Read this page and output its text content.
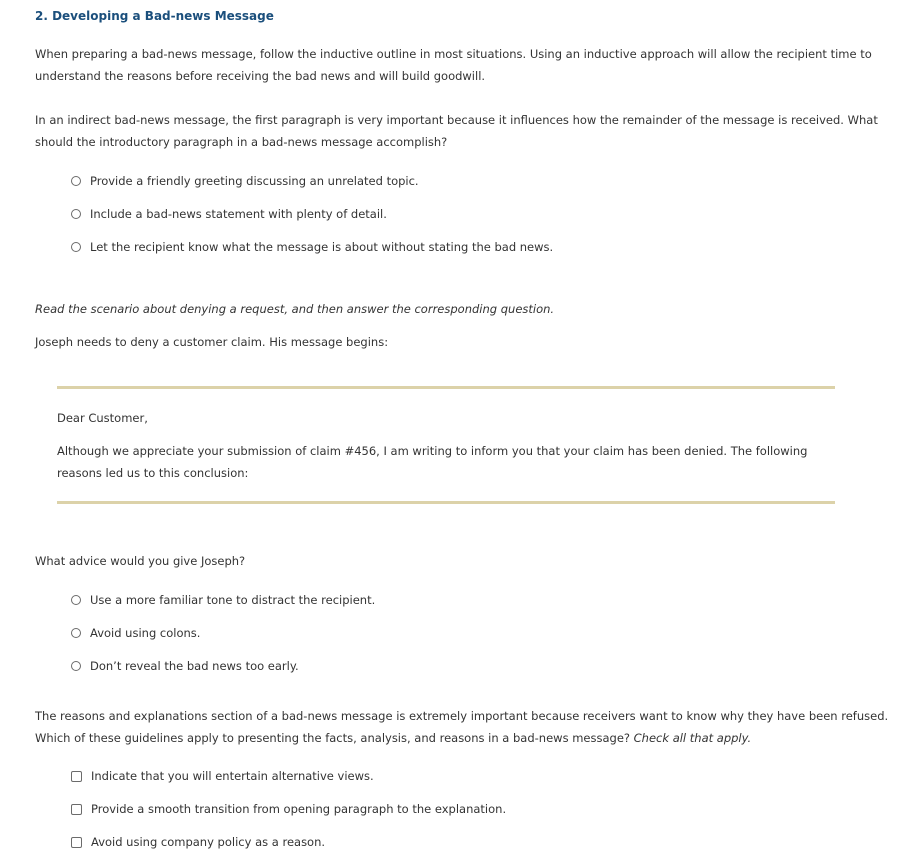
2. Developing a Bad-news Message
When preparing a bad-news message, follow the inductive outline in most situations. Using an inductive approach will allow the recipient time to
understand the reasons before receiving the bad news and will build goodwill.
In an indirect bad-news message, the first paragraph is very important because it influences how the remainder of the message is received. What
should the introductory paragraph in a bad-news message accomplish?
Provide a friendly greeting discussing an unrelated topic.
Include a bad-news statement with plenty of detail.
Let the recipient know what the message is about without stating the bad news.
Read the scenario about denying a request, and then answer the corresponding question.
Joseph needs to deny a customer claim. His message begins:
Dear Customer,
Although we appreciate your submission of claim #456, I am writing to inform you that your claim has been denied. The following
reasons led us to this conclusion:
What advice would you give Joseph?
Use a more familiar tone to distract the recipient.
Avoid using colons.
Don’t reveal the bad news too early.
The reasons and explanations section of a bad-news message is extremely important because receivers want to know why they have been refused.
Which of these guidelines apply to presenting the facts, analysis, and reasons in a bad-news message? Check all that apply.
Indicate that you will entertain alternative views.
Provide a smooth transition from opening paragraph to the explanation.
Avoid using company policy as a reason.
